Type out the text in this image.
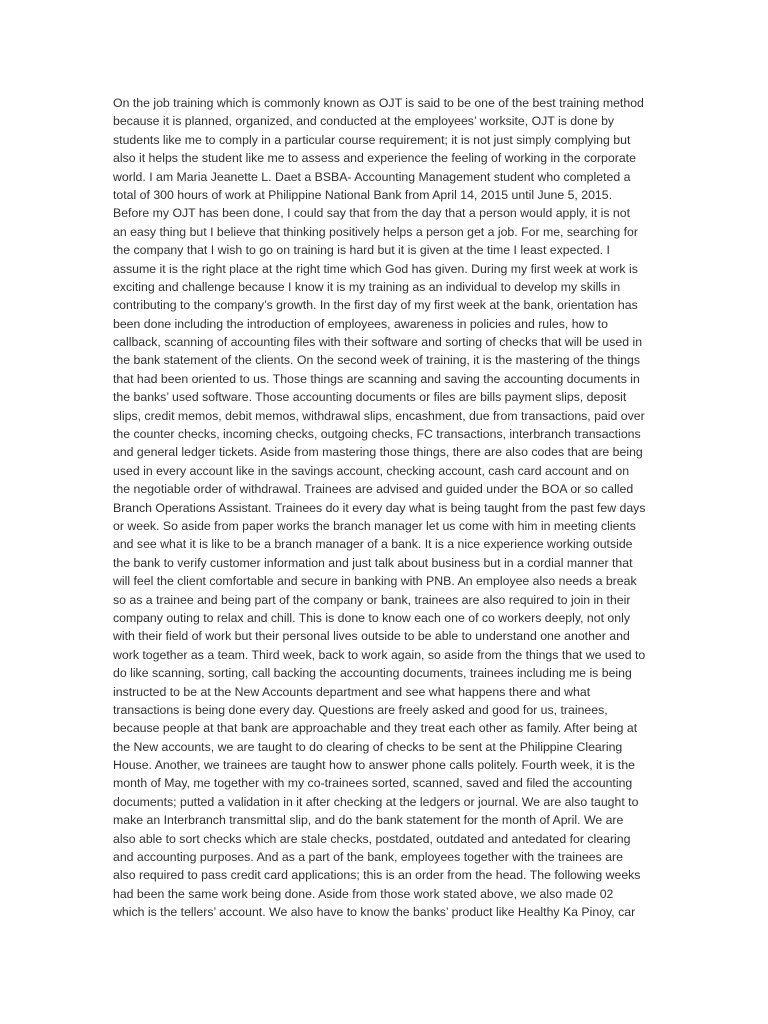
On the job training which is commonly known as OJT is said to be one of the best training method
because it is planned, organized, and conducted at the employees’ worksite, OJT is done by
students like me to comply in a particular course requirement; it is not just simply complying but
also it helps the student like me to assess and experience the feeling of working in the corporate
world. I am Maria Jeanette L. Daet a BSBA- Accounting Management student who completed a
total of 300 hours of work at Philippine National Bank from April 14, 2015 until June 5, 2015.
Before my OJT has been done, I could say that from the day that a person would apply, it is not
an easy thing but I believe that thinking positively helps a person get a job. For me, searching for
the company that I wish to go on training is hard but it is given at the time I least expected. I
assume it is the right place at the right time which God has given. During my first week at work is
exciting and challenge because I know it is my training as an individual to develop my skills in
contributing to the company’s growth. In the first day of my first week at the bank, orientation has
been done including the introduction of employees, awareness in policies and rules, how to
callback, scanning of accounting files with their software and sorting of checks that will be used in
the bank statement of the clients. On the second week of training, it is the mastering of the things
that had been oriented to us. Those things are scanning and saving the accounting documents in
the banks’ used software. Those accounting documents or files are bills payment slips, deposit
slips, credit memos, debit memos, withdrawal slips, encashment, due from transactions, paid over
the counter checks, incoming checks, outgoing checks, FC transactions, interbranch transactions
and general ledger tickets. Aside from mastering those things, there are also codes that are being
used in every account like in the savings account, checking account, cash card account and on
the negotiable order of withdrawal. Trainees are advised and guided under the BOA or so called
Branch Operations Assistant. Trainees do it every day what is being taught from the past few days
or week. So aside from paper works the branch manager let us come with him in meeting clients
and see what it is like to be a branch manager of a bank. It is a nice experience working outside
the bank to verify customer information and just talk about business but in a cordial manner that
will feel the client comfortable and secure in banking with PNB. An employee also needs a break
so as a trainee and being part of the company or bank, trainees are also required to join in their
company outing to relax and chill. This is done to know each one of co workers deeply, not only
with their field of work but their personal lives outside to be able to understand one another and
work together as a team. Third week, back to work again, so aside from the things that we used to
do like scanning, sorting, call backing the accounting documents, trainees including me is being
instructed to be at the New Accounts department and see what happens there and what
transactions is being done every day. Questions are freely asked and good for us, trainees,
because people at that bank are approachable and they treat each other as family. After being at
the New accounts, we are taught to do clearing of checks to be sent at the Philippine Clearing
House. Another, we trainees are taught how to answer phone calls politely. Fourth week, it is the
month of May, me together with my co-trainees sorted, scanned, saved and filed the accounting
documents; putted a validation in it after checking at the ledgers or journal. We are also taught to
make an Interbranch transmittal slip, and do the bank statement for the month of April. We are
also able to sort checks which are stale checks, postdated, outdated and antedated for clearing
and accounting purposes. And as a part of the bank, employees together with the trainees are
also required to pass credit card applications; this is an order from the head. The following weeks
had been the same work being done. Aside from those work stated above, we also made 02
which is the tellers’ account. We also have to know the banks’ product like Healthy Ka Pinoy, car
